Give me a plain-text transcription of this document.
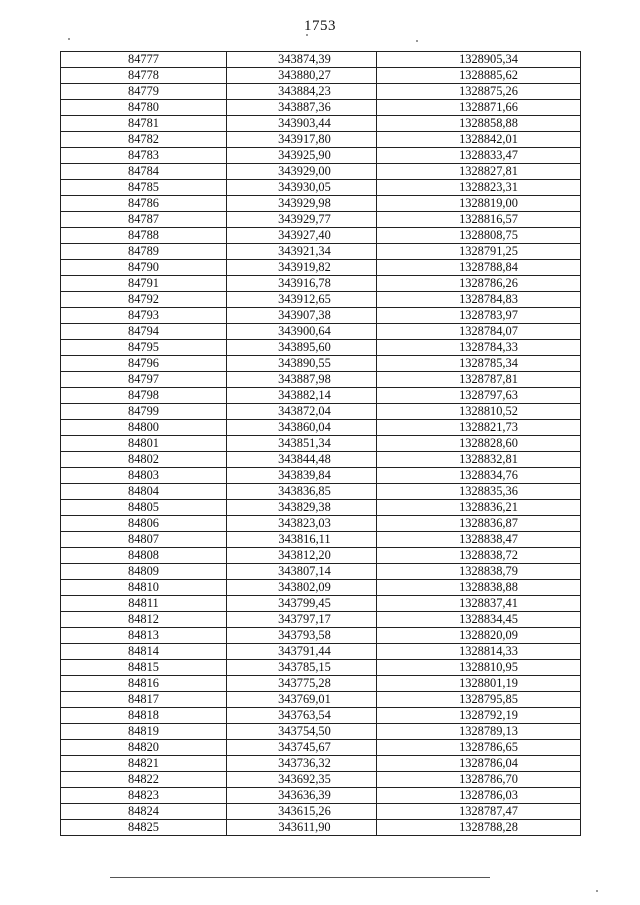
1753
84777	343874,39	1328905,34
84778	343880,27	1328885,62
84779	343884,23	1328875,26
84780	343887,36	1328871,66
84781	343903,44	1328858,88
84782	343917,80	1328842,01
84783	343925,90	1328833,47
84784	343929,00	1328827,81
84785	343930,05	1328823,31
84786	343929,98	1328819,00
84787	343929,77	1328816,57
84788	343927,40	1328808,75
84789	343921,34	1328791,25
84790	343919,82	1328788,84
84791	343916,78	1328786,26
84792	343912,65	1328784,83
84793	343907,38	1328783,97
84794	343900,64	1328784,07
84795	343895,60	1328784,33
84796	343890,55	1328785,34
84797	343887,98	1328787,81
84798	343882,14	1328797,63
84799	343872,04	1328810,52
84800	343860,04	1328821,73
84801	343851,34	1328828,60
84802	343844,48	1328832,81
84803	343839,84	1328834,76
84804	343836,85	1328835,36
84805	343829,38	1328836,21
84806	343823,03	1328836,87
84807	343816,11	1328838,47
84808	343812,20	1328838,72
84809	343807,14	1328838,79
84810	343802,09	1328838,88
84811	343799,45	1328837,41
84812	343797,17	1328834,45
84813	343793,58	1328820,09
84814	343791,44	1328814,33
84815	343785,15	1328810,95
84816	343775,28	1328801,19
84817	343769,01	1328795,85
84818	343763,54	1328792,19
84819	343754,50	1328789,13
84820	343745,67	1328786,65
84821	343736,32	1328786,04
84822	343692,35	1328786,70
84823	343636,39	1328786,03
84824	343615,26	1328787,47
84825	343611,90	1328788,28
